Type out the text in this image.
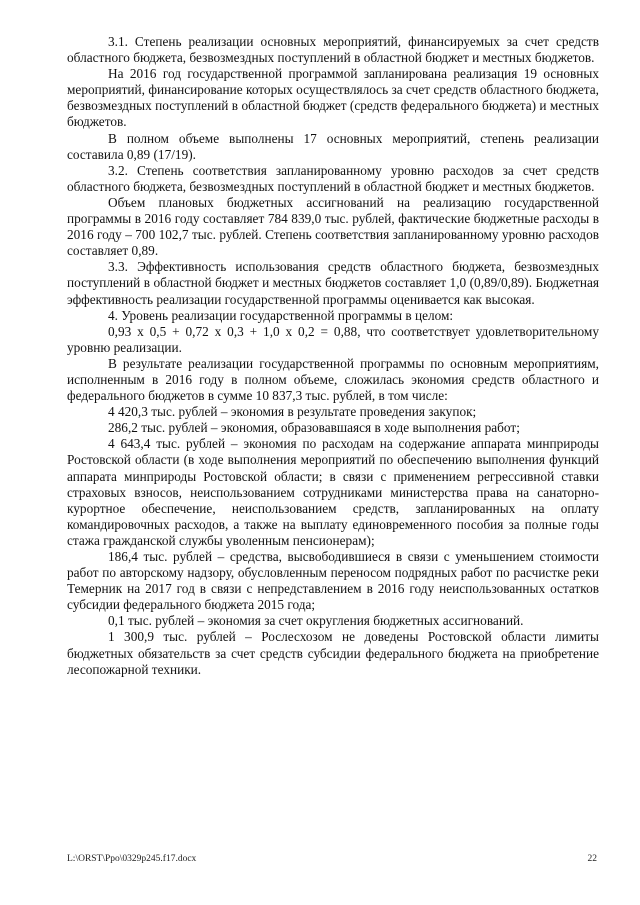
3.1. Степень реализации основных мероприятий, финансируемых за счет средств областного бюджета, безвозмездных поступлений в областной бюджет и местных бюджетов.

На 2016 год государственной программой запланирована реализация 19 основных мероприятий, финансирование которых осуществлялось за счет средств областного бюджета, безвозмездных поступлений в областной бюджет (средств федерального бюджета) и местных бюджетов.

В полном объеме выполнены 17 основных мероприятий, степень реализации составила 0,89 (17/19).

3.2. Степень соответствия запланированному уровню расходов за счет средств областного бюджета, безвозмездных поступлений в областной бюджет и местных бюджетов.

Объем плановых бюджетных ассигнований на реализацию государственной программы в 2016 году составляет 784 839,0 тыс. рублей, фактические бюджетные расходы в 2016 году – 700 102,7 тыс. рублей. Степень соответствия запланированному уровню расходов составляет 0,89.

3.3. Эффективность использования средств областного бюджета, безвозмездных поступлений в областной бюджет и местных бюджетов составляет 1,0 (0,89/0,89). Бюджетная эффективность реализации государственной программы оценивается как высокая.

4. Уровень реализации государственной программы в целом:

0,93 х 0,5 + 0,72 х 0,3 + 1,0 х 0,2 = 0,88, что соответствует удовлетворительному уровню реализации.

В результате реализации государственной программы по основным мероприятиям, исполненным в 2016 году в полном объеме, сложилась экономия средств областного и федерального бюджетов в сумме 10 837,3 тыс. рублей, в том числе:

4 420,3 тыс. рублей – экономия в результате проведения закупок;

286,2 тыс. рублей – экономия, образовавшаяся в ходе выполнения работ;

4 643,4 тыс. рублей – экономия по расходам на содержание аппарата минприроды Ростовской области (в ходе выполнения мероприятий по обеспечению выполнения функций аппарата минприроды Ростовской области; в связи с применением регрессивной ставки страховых взносов, неиспользованием сотрудниками министерства права на санаторно-курортное обеспечение, неиспользованием средств, запланированных на оплату командировочных расходов, а также на выплату единовременного пособия за полные годы стажа гражданской службы уволенным пенсионерам);

186,4 тыс. рублей – средства, высвободившиеся в связи с уменьшением стоимости работ по авторскому надзору, обусловленным переносом подрядных работ по расчистке реки Темерник на 2017 год в связи с непредставлением в 2016 году неиспользованных остатков субсидии федерального бюджета 2015 года;

0,1 тыс. рублей – экономия за счет округления бюджетных ассигнований.

1 300,9 тыс. рублей – Рослесхозом не доведены Ростовской области лимиты бюджетных обязательств за счет средств субсидии федерального бюджета на приобретение лесопожарной техники.

L:\ORST\Ppo\0329p245.f17.docx	22
